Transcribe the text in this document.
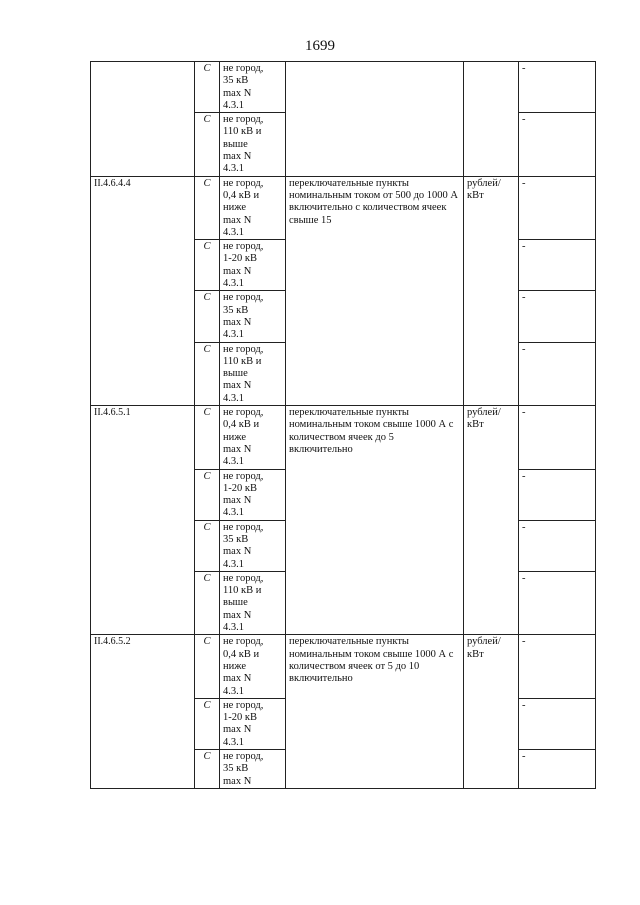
1699
	C	не город,
35 кВ
max N
4.3.1			-
	C	не город,
110 кВ и
выше
max N
4.3.1			-
II.4.6.4.4	C	не город,
0,4 кВ и
ниже
max N
4.3.1	переключательные пункты номинальным током от 500 до 1000 А включительно с количеством ячеек свыше 15	рублей/кВт	-
	C	не город,
1-20 кВ
max N
4.3.1			-
	C	не город,
35 кВ
max N
4.3.1			-
	C	не город,
110 кВ и
выше
max N
4.3.1			-
II.4.6.5.1	C	не город,
0,4 кВ и
ниже
max N
4.3.1	переключательные пункты номинальным током свыше 1000 А с количеством ячеек до 5 включительно	рублей/кВт	-
	C	не город,
1-20 кВ
max N
4.3.1			-
	C	не город,
35 кВ
max N
4.3.1			-
	C	не город,
110 кВ и
выше
max N
4.3.1			-
II.4.6.5.2	C	не город,
0,4 кВ и
ниже
max N
4.3.1	переключательные пункты номинальным током свыше 1000 А с количеством ячеек от 5 до 10 включительно	рублей/кВт	-
	C	не город,
1-20 кВ
max N
4.3.1			-
	C	не город,
35 кВ
max N			-
